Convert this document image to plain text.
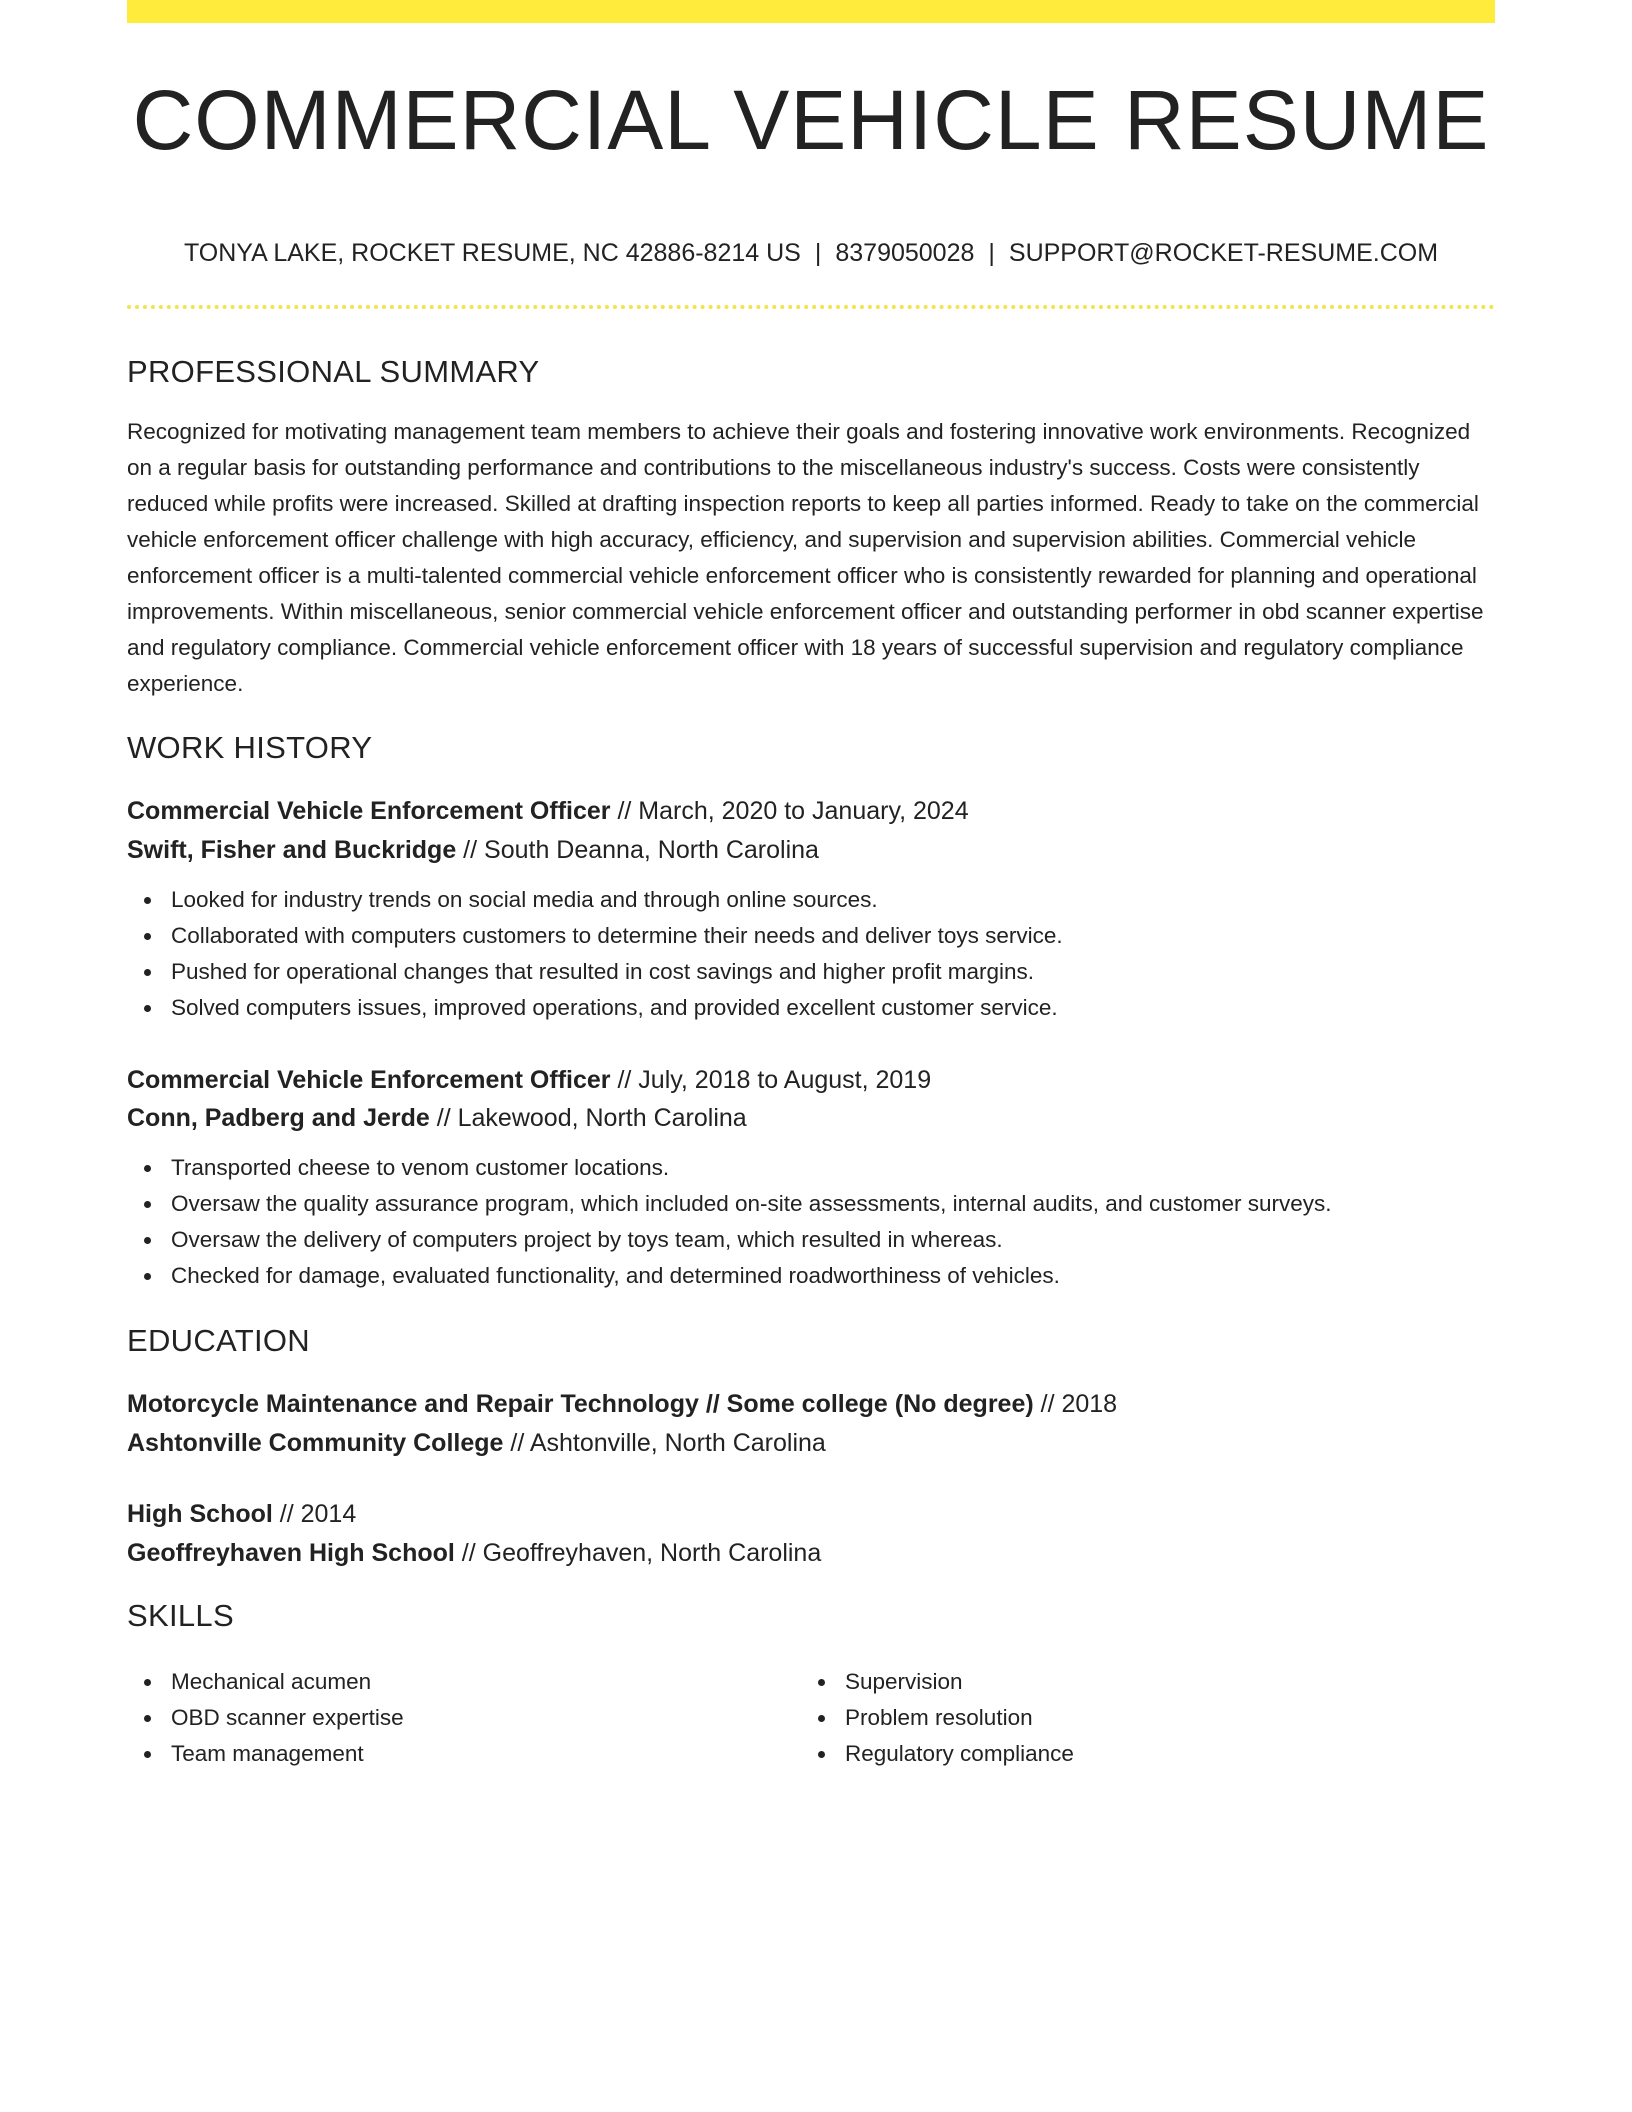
COMMERCIAL VEHICLE RESUME
TONYA LAKE, ROCKET RESUME, NC 42886-8214 US | 8379050028 | SUPPORT@ROCKET-RESUME.COM
PROFESSIONAL SUMMARY
Recognized for motivating management team members to achieve their goals and fostering innovative work environments. Recognized on a regular basis for outstanding performance and contributions to the miscellaneous industry's success. Costs were consistently reduced while profits were increased. Skilled at drafting inspection reports to keep all parties informed. Ready to take on the commercial vehicle enforcement officer challenge with high accuracy, efficiency, and supervision and supervision abilities. Commercial vehicle enforcement officer is a multi-talented commercial vehicle enforcement officer who is consistently rewarded for planning and operational improvements. Within miscellaneous, senior commercial vehicle enforcement officer and outstanding performer in obd scanner expertise and regulatory compliance. Commercial vehicle enforcement officer with 18 years of successful supervision and regulatory compliance experience.
WORK HISTORY
Commercial Vehicle Enforcement Officer // March, 2020 to January, 2024
Swift, Fisher and Buckridge // South Deanna, North Carolina
Looked for industry trends on social media and through online sources.
Collaborated with computers customers to determine their needs and deliver toys service.
Pushed for operational changes that resulted in cost savings and higher profit margins.
Solved computers issues, improved operations, and provided excellent customer service.
Commercial Vehicle Enforcement Officer // July, 2018 to August, 2019
Conn, Padberg and Jerde // Lakewood, North Carolina
Transported cheese to venom customer locations.
Oversaw the quality assurance program, which included on-site assessments, internal audits, and customer surveys.
Oversaw the delivery of computers project by toys team, which resulted in whereas.
Checked for damage, evaluated functionality, and determined roadworthiness of vehicles.
EDUCATION
Motorcycle Maintenance and Repair Technology // Some college (No degree) // 2018
Ashtonville Community College // Ashtonville, North Carolina
High School // 2014
Geoffreyhaven High School // Geoffreyhaven, North Carolina
SKILLS
Mechanical acumen
OBD scanner expertise
Team management
Supervision
Problem resolution
Regulatory compliance
